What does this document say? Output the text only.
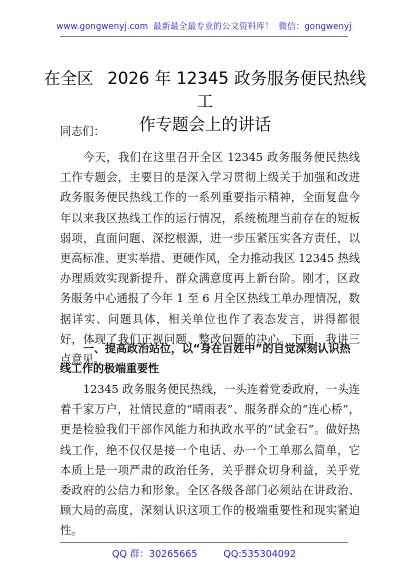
www.gongwenyj.com 最新最全最专业的公文资料库！ 微信：gongwenyj
在全区 2026 年 12345 政务服务便民热线工
作专题会上的讲话
同志们：
今天，我们在这里召开全区 12345 政务服务便民热线工作专题会，主要目的是深入学习贯彻上级关于加强和改进政务服务便民热线工作的一系列重要指示精神，全面复盘今年以来我区热线工作的运行情况，系统梳理当前存在的短板弱项，直面问题、深挖根源，进一步压紧压实各方责任，以更高标准、更实举措、更硬作风，全力推动我区 12345 热线办理质效实现新提升、群众满意度再上新台阶。刚才，区政务服务中心通报了今年 1 至 6 月全区热线工单办理情况，数据详实、问题具体，相关单位也作了表态发言，讲得都很好，体现了我们正视问题、整改问题的决心。下面，我讲三点意见。
一、提高政治站位，以“身在百姓中”的自觉深刻认识热线工作的极端重要性
12345 政务服务便民热线，一头连着党委政府，一头连着千家万户，社情民意的“晴雨表”、服务群众的“连心桥”，更是检验我们干部作风能力和执政水平的“试金石”。做好热线工作，绝不仅仅是接一个电话、办一个工单那么简单，它本质上是一项严肃的政治任务，关乎群众切身利益，关乎党委政府的公信力和形象。全区各级各部门必须站在讲政治、顾大局的高度，深刻认识这项工作的极端重要性和现实紧迫性。
QQ 群：30265665	QQ:535304092
